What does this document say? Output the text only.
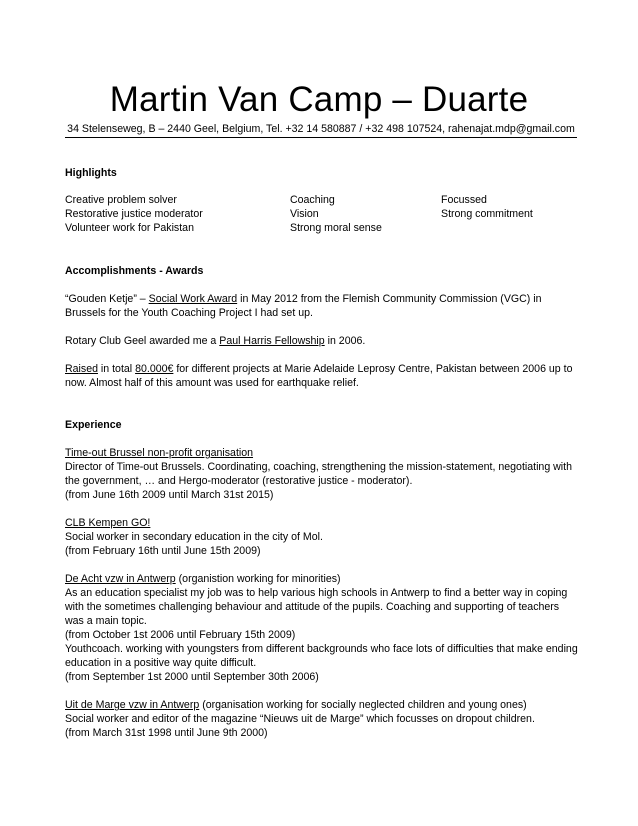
Martin Van Camp – Duarte
34 Stelenseweg, B – 2440 Geel, Belgium, Tel. +32 14 580887 / +32 498 107524, rahenajat.mdp@gmail.com
Highlights
Creative problem solver
Restorative justice moderator
Volunteer work for Pakistan
Coaching
Vision
Strong moral sense
Focussed
Strong commitment
Accomplishments - Awards
“Gouden Ketje” – Social Work Award in May 2012 from the Flemish Community Commission (VGC) in Brussels for the Youth Coaching Project I had set up.
Rotary Club Geel awarded me a Paul Harris Fellowship in 2006.
Raised in total 80.000€ for different projects at Marie Adelaide Leprosy Centre, Pakistan between 2006 up to now. Almost half of this amount was used for earthquake relief.
Experience

Time-out Brussel non-profit organisation

Director of Time-out Brussels. Coordinating, coaching, strengthening the mission-statement, negotiating with the government, … and Hergo-moderator (restorative justice - moderator).

(from June 16th 2009 until March 31st 2015)

CLB Kempen GO!

Social worker in secondary education in the city of Mol.

(from February 16th until June 15th 2009)

De Acht vzw in Antwerp (organistion working for minorities)

As an education specialist my job was to help various high schools in Antwerp to find a better way in coping with the sometimes challenging behaviour and attitude of the pupils. Coaching and supporting of teachers was a main topic.

(from October 1st 2006 until February 15th 2009)

Youthcoach. working with youngsters from different backgrounds who face lots of difficulties that make ending education in a positive way quite difficult.

(from September 1st 2000 until September 30th 2006)

Uit de Marge vzw in Antwerp (organisation working for socially neglected children and young ones)

Social worker and editor of the magazine “Nieuws uit de Marge” which focusses on dropout children.

(from March 31st 1998 until June 9th 2000)
